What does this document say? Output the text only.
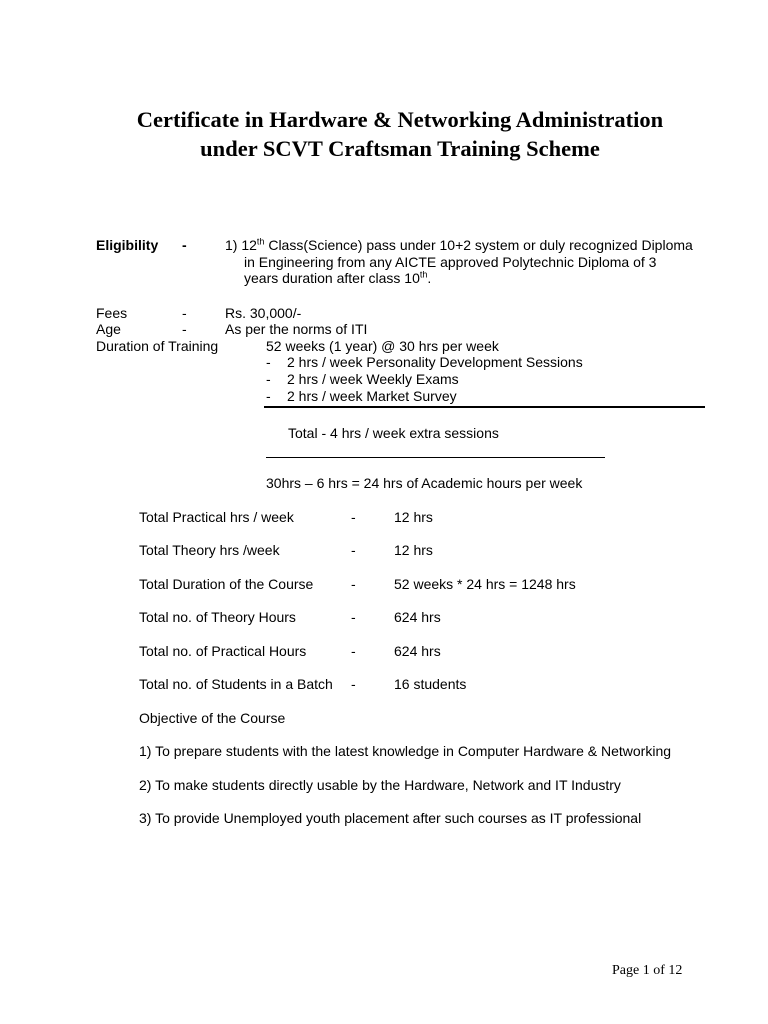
Certificate in Hardware & Networking Administration
under SCVT Craftsman Training Scheme
Eligibility -	1) 12th Class(Science) pass under 10+2 system or duly recognized Diploma
in Engineering from any AICTE approved Polytechnic Diploma of 3
years duration after class 10th.
Fees	-	Rs. 30,000/-
Age	-	As per the norms of ITI
Duration of Training	52 weeks (1 year) @ 30 hrs per week
- 2 hrs / week Personality Development Sessions
- 2 hrs / week Weekly Exams
- 2 hrs / week Market Survey
Total - 4 hrs / week extra sessions
30hrs – 6 hrs = 24 hrs of Academic hours per week
Total Practical hrs / week	-	12 hrs
Total Theory hrs /week	-	12 hrs
Total Duration of the Course	-	52 weeks * 24 hrs = 1248 hrs
Total no. of Theory Hours	-	624 hrs
Total no. of Practical Hours	-	624 hrs
Total no. of Students in a Batch -	16 students
Objective of the Course
1) To prepare students with the latest knowledge in Computer Hardware & Networking
2) To make students directly usable by the Hardware, Network and IT Industry
3) To provide Unemployed youth placement after such courses as IT professional
Page 1 of 12
